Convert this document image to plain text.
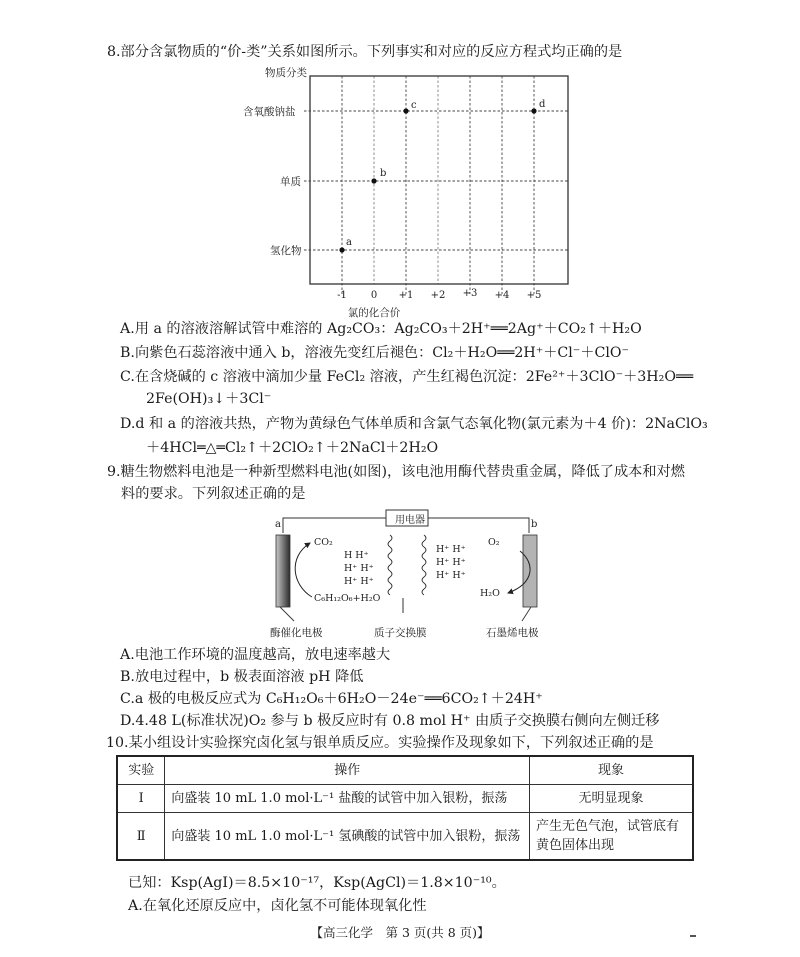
8.部分含氯物质的“价-类”关系如图所示。下列事实和对应的反应方程式均正确的是
物质分类
含氧酸钠盐
单质
氢化物
a
b
c	d
-1 0 +1 +2 +3 +4 +5
氯的化合价
A.用 a 的溶液溶解试管中难溶的 Ag₂CO₃：Ag₂CO₃＋2H⁺══2Ag⁺＋CO₂↑＋H₂O
B.向紫色石蕊溶液中通入 b，溶液先变红后褪色：Cl₂＋H₂O══2H⁺＋Cl⁻＋ClO⁻
C.在含烧碱的 c 溶液中滴加少量 FeCl₂ 溶液，产生红褐色沉淀：2Fe²⁺＋3ClO⁻＋3H₂O══
2Fe(OH)₃↓＋3Cl⁻
D.d 和 a 的溶液共热，产物为黄绿色气体单质和含氯气态氧化物(氯元素为＋4 价)：2NaClO₃
＋4HCl═△═Cl₂↑＋2ClO₂↑＋2NaCl＋2H₂O
9.糖生物燃料电池是一种新型燃料电池(如图)，该电池用酶代替贵重金属，降低了成本和对燃
料的要求。下列叙述正确的是
用电器
a	b
CO₂
C₆H₁₂O₆+H₂O
H H⁺
H⁺ H⁺
H⁺ H⁺
H⁺ H⁺
H⁺ H⁺
H⁺ H⁺
O₂
H₂O
酶催化电极	质子交换膜	石墨烯电极
A.电池工作环境的温度越高，放电速率越大
B.放电过程中，b 极表面溶液 pH 降低
C.a 极的电极反应式为 C₆H₁₂O₆＋6H₂O－24e⁻══6CO₂↑＋24H⁺
D.4.48 L(标准状况)O₂ 参与 b 极反应时有 0.8 mol H⁺ 由质子交换膜右侧向左侧迁移
10.某小组设计实验探究卤化氢与银单质反应。实验操作及现象如下，下列叙述正确的是
实验	操作	现象
Ⅰ	向盛装 10 mL 1.0 mol·L⁻¹ 盐酸的试管中加入银粉，振荡	无明显现象
Ⅱ	向盛装 10 mL 1.0 mol·L⁻¹ 氢碘酸的试管中加入银粉，振荡	产生无色气泡，试管底有黄色固体出现
已知：Ksp(AgI)＝8.5×10⁻¹⁷，Ksp(AgCl)＝1.8×10⁻¹⁰。
A.在氧化还原反应中，卤化氢不可能体现氧化性
【高三化学　第 3 页(共 8 页)】
